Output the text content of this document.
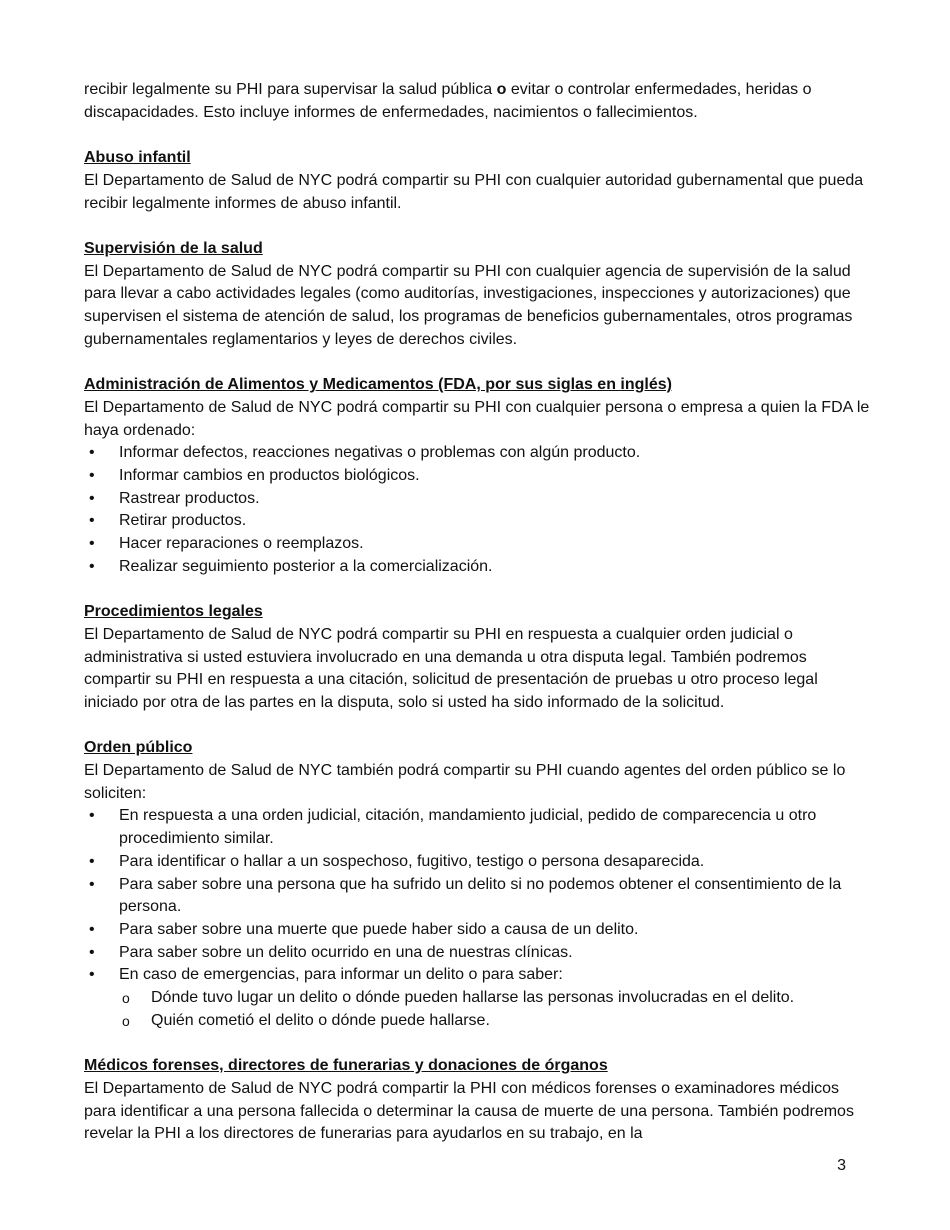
recibir legalmente su PHI para supervisar la salud pública o evitar o controlar enfermedades, heridas o discapacidades. Esto incluye informes de enfermedades, nacimientos o fallecimientos.

Abuso infantil

El Departamento de Salud de NYC podrá compartir su PHI con cualquier autoridad gubernamental que pueda recibir legalmente informes de abuso infantil.

Supervisión de la salud

El Departamento de Salud de NYC podrá compartir su PHI con cualquier agencia de supervisión de la salud para llevar a cabo actividades legales (como auditorías, investigaciones, inspecciones y autorizaciones) que supervisen el sistema de atención de salud, los programas de beneficios gubernamentales, otros programas gubernamentales reglamentarios y leyes de derechos civiles.

Administración de Alimentos y Medicamentos (FDA, por sus siglas en inglés)

El Departamento de Salud de NYC podrá compartir su PHI con cualquier persona o empresa a quien la FDA le haya ordenado:

• Informar defectos, reacciones negativas o problemas con algún producto.
• Informar cambios en productos biológicos.
• Rastrear productos.
• Retirar productos.
• Hacer reparaciones o reemplazos.
• Realizar seguimiento posterior a la comercialización.

Procedimientos legales

El Departamento de Salud de NYC podrá compartir su PHI en respuesta a cualquier orden judicial o administrativa si usted estuviera involucrado en una demanda u otra disputa legal. También podremos compartir su PHI en respuesta a una citación, solicitud de presentación de pruebas u otro proceso legal iniciado por otra de las partes en la disputa, solo si usted ha sido informado de la solicitud.

Orden público

El Departamento de Salud de NYC también podrá compartir su PHI cuando agentes del orden público se lo soliciten:

• En respuesta a una orden judicial, citación, mandamiento judicial, pedido de comparecencia u otro procedimiento similar.
• Para identificar o hallar a un sospechoso, fugitivo, testigo o persona desaparecida.
• Para saber sobre una persona que ha sufrido un delito si no podemos obtener el consentimiento de la persona.
• Para saber sobre una muerte que puede haber sido a causa de un delito.
• Para saber sobre un delito ocurrido en una de nuestras clínicas.
• En caso de emergencias, para informar un delito o para saber:
o Dónde tuvo lugar un delito o dónde pueden hallarse las personas involucradas en el delito.
o Quién cometió el delito o dónde puede hallarse.

Médicos forenses, directores de funerarias y donaciones de órganos

El Departamento de Salud de NYC podrá compartir la PHI con médicos forenses o examinadores médicos para identificar a una persona fallecida o determinar la causa de muerte de una persona. También podremos revelar la PHI a los directores de funerarias para ayudarlos en su trabajo, en la

3
